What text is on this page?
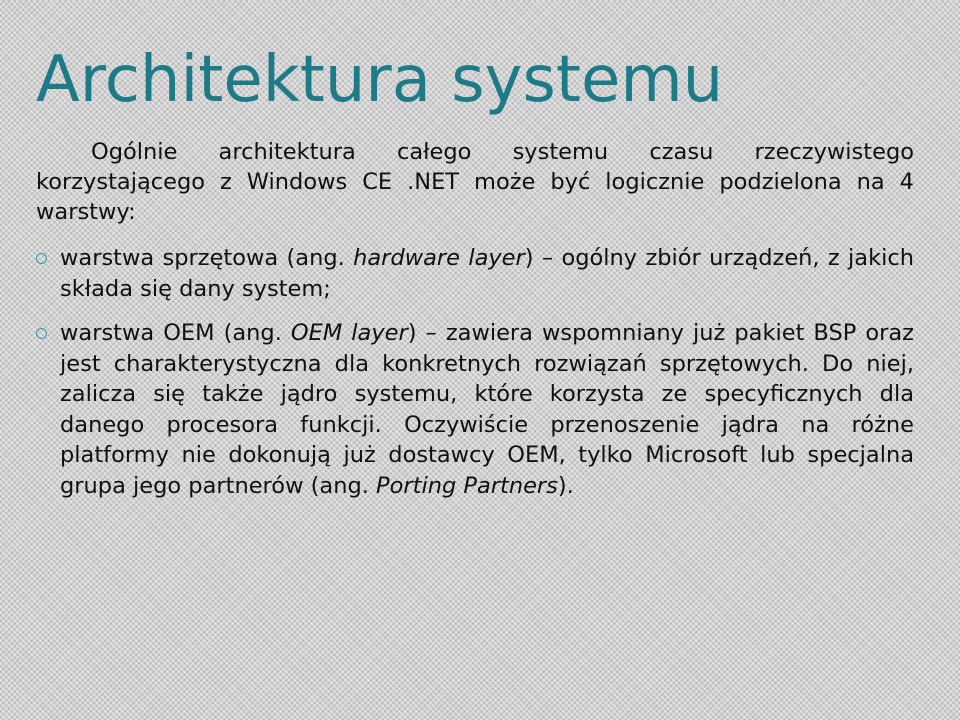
Architektura systemu

Ogólnie architektura całego systemu czasu rzeczywistego korzystającego z Windows CE .NET może być logicznie podzielona na 4 warstwy:

warstwa sprzętowa (ang. hardware layer) – ogólny zbiór urządzeń, z jakich składa się dany system;
warstwa OEM (ang. OEM layer) – zawiera wspomniany już pakiet BSP oraz jest charakterystyczna dla konkretnych rozwiązań sprzętowych. Do niej, zalicza się także jądro systemu, które korzysta ze specyficznych dla danego procesora funkcji. Oczywiście przenoszenie jądra na różne platformy nie dokonują już dostawcy OEM, tylko Microsoft lub specjalna grupa jego partnerów (ang. Porting Partners).
